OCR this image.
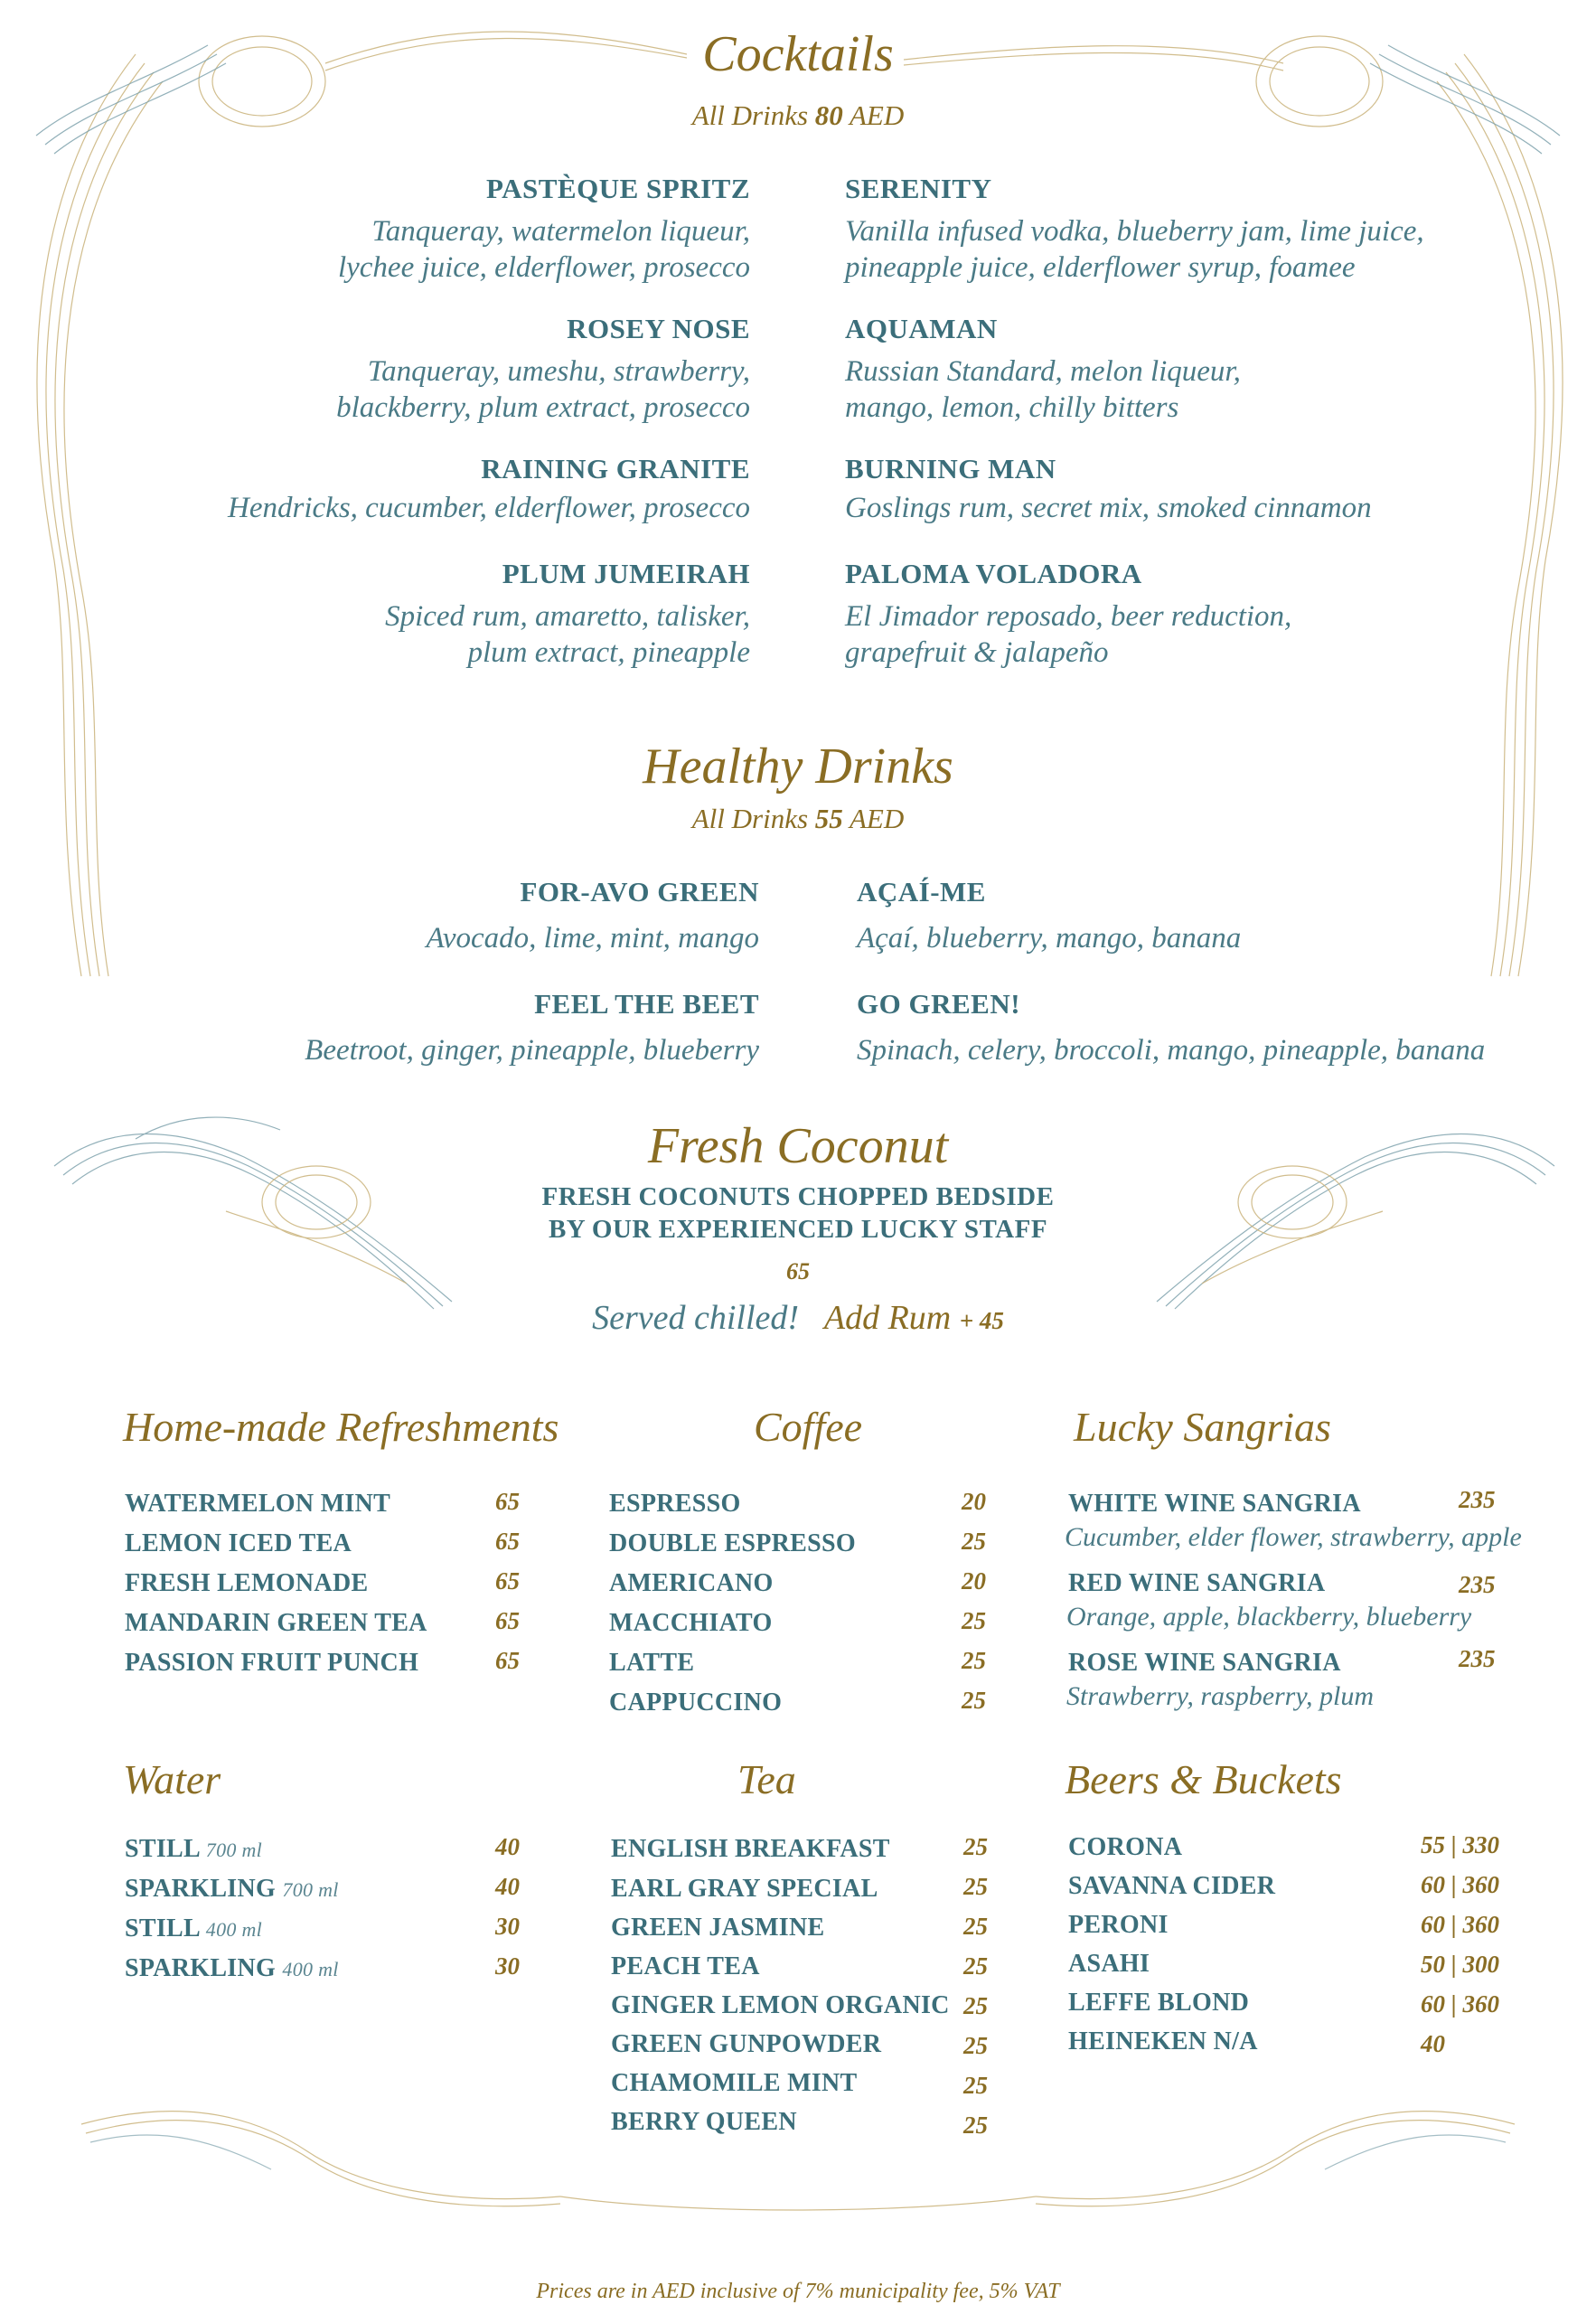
Cocktails
All Drinks 80 AED
PASTÈQUE SPRITZ
Tanqueray, watermelon liqueur,
lychee juice, elderflower, prosecco
ROSEY NOSE
Tanqueray, umeshu, strawberry,
blackberry, plum extract, prosecco
RAINING GRANITE
Hendricks, cucumber, elderflower, prosecco
PLUM JUMEIRAH
Spiced rum, amaretto, talisker,
plum extract, pineapple
SERENITY
Vanilla infused vodka, blueberry jam, lime juice,
pineapple juice, elderflower syrup, foamee
AQUAMAN
Russian Standard, melon liqueur,
mango, lemon, chilly bitters
BURNING MAN
Goslings rum, secret mix, smoked cinnamon
PALOMA VOLADORA
El Jimador reposado, beer reduction,
grapefruit & jalapeño
Healthy Drinks
All Drinks 55 AED
FOR-AVO GREEN
Avocado, lime, mint, mango
FEEL THE BEET
Beetroot, ginger, pineapple, blueberry
AÇAÍ-ME
Açaí, blueberry, mango, banana
GO GREEN!
Spinach, celery, broccoli, mango, pineapple, banana
Fresh Coconut
FRESH COCONUTS CHOPPED BEDSIDE
BY OUR EXPERIENCED LUCKY STAFF
65
Served chilled! Add Rum + 45
Home-made Refreshments
WATERMELON MINT	65
LEMON ICED TEA	65
FRESH LEMONADE	65
MANDARIN GREEN TEA	65
PASSION FRUIT PUNCH	65
Coffee
ESPRESSO	20
DOUBLE ESPRESSO	25
AMERICANO	20
MACCHIATO	25
LATTE	25
CAPPUCCINO	25
Lucky Sangrias
WHITE WINE SANGRIA	235
Cucumber, elder flower, strawberry, apple
RED WINE SANGRIA	235
Orange, apple, blackberry, blueberry
ROSE WINE SANGRIA	235
Strawberry, raspberry, plum
Water
STILL 700 ml	40
SPARKLING 700 ml	40
STILL 400 ml	30
SPARKLING 400 ml	30
Tea
ENGLISH BREAKFAST	25
EARL GRAY SPECIAL	25
GREEN JASMINE	25
PEACH TEA	25
GINGER LEMON ORGANIC 25
GREEN GUNPOWDER	25
CHAMOMILE MINT	25
BERRY QUEEN	25
Beers & Buckets
CORONA	55 | 330
SAVANNA CIDER	60 | 360
PERONI	60 | 360
ASAHI	50 | 300
LEFFE BLOND	60 | 360
HEINEKEN N/A	40
Prices are in AED inclusive of 7% municipality fee, 5% VAT
